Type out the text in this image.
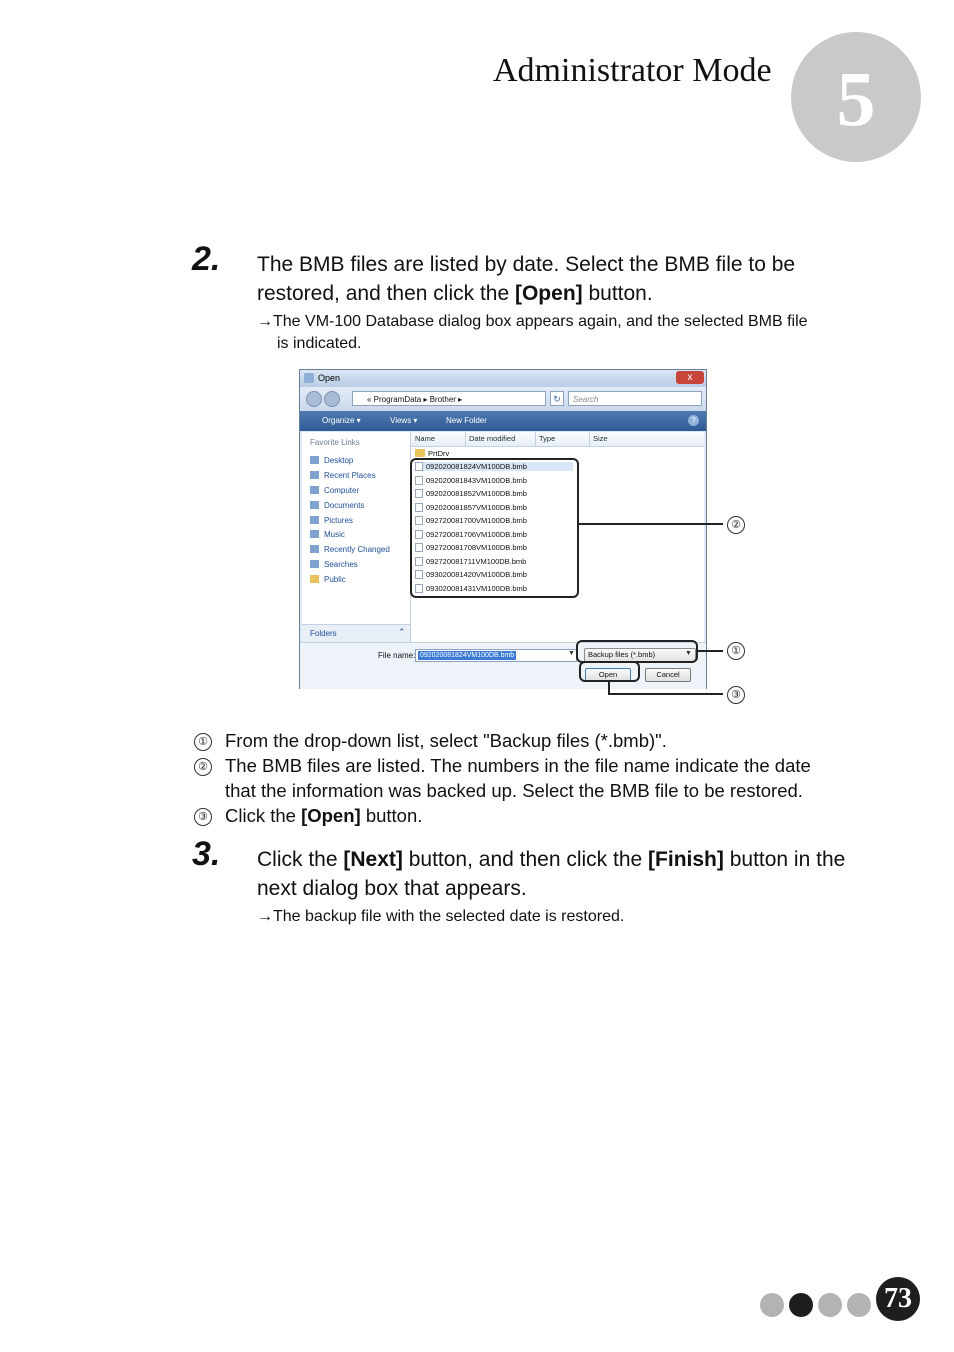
Administrator Mode 5
2. The BMB files are listed by date. Select the BMB file to be
restored, and then click the [Open] button.
→The VM-100 Database dialog box appears again, and the selected BMB file
is indicated.
Open	x
« ProgramData ▸ Brother ▸	↻	Search
Organize ▾	Views ▾	New Folder	?
Favorite Links
Desktop
Recent Places
Computer
Documents
Pictures
Music
Recently Changed
Searches
Public
Folders	⌃
Name	Date modified	Type	Size
PrtDrv
092020081824VM100DB.bmb
092020081843VM100DB.bmb
092020081852VM100DB.bmb
092020081857VM100DB.bmb
092720081700VM100DB.bmb
092720081706VM100DB.bmb
092720081708VM100DB.bmb
092720081711VM100DB.bmb
093020081420VM100DB.bmb
093020081431VM100DB.bmb
File name: 092020081824VM100DB.bmb	▼	Backup files (*.bmb)	▼
Open	Cancel
②
①
③
① From the drop-down list, select "Backup files (*.bmb)".
② The BMB files are listed. The numbers in the file name indicate the date
that the information was backed up. Select the BMB file to be restored.
③ Click the [Open] button.
3. Click the [Next] button, and then click the [Finish] button in the
next dialog box that appears.
→The backup file with the selected date is restored.
73
